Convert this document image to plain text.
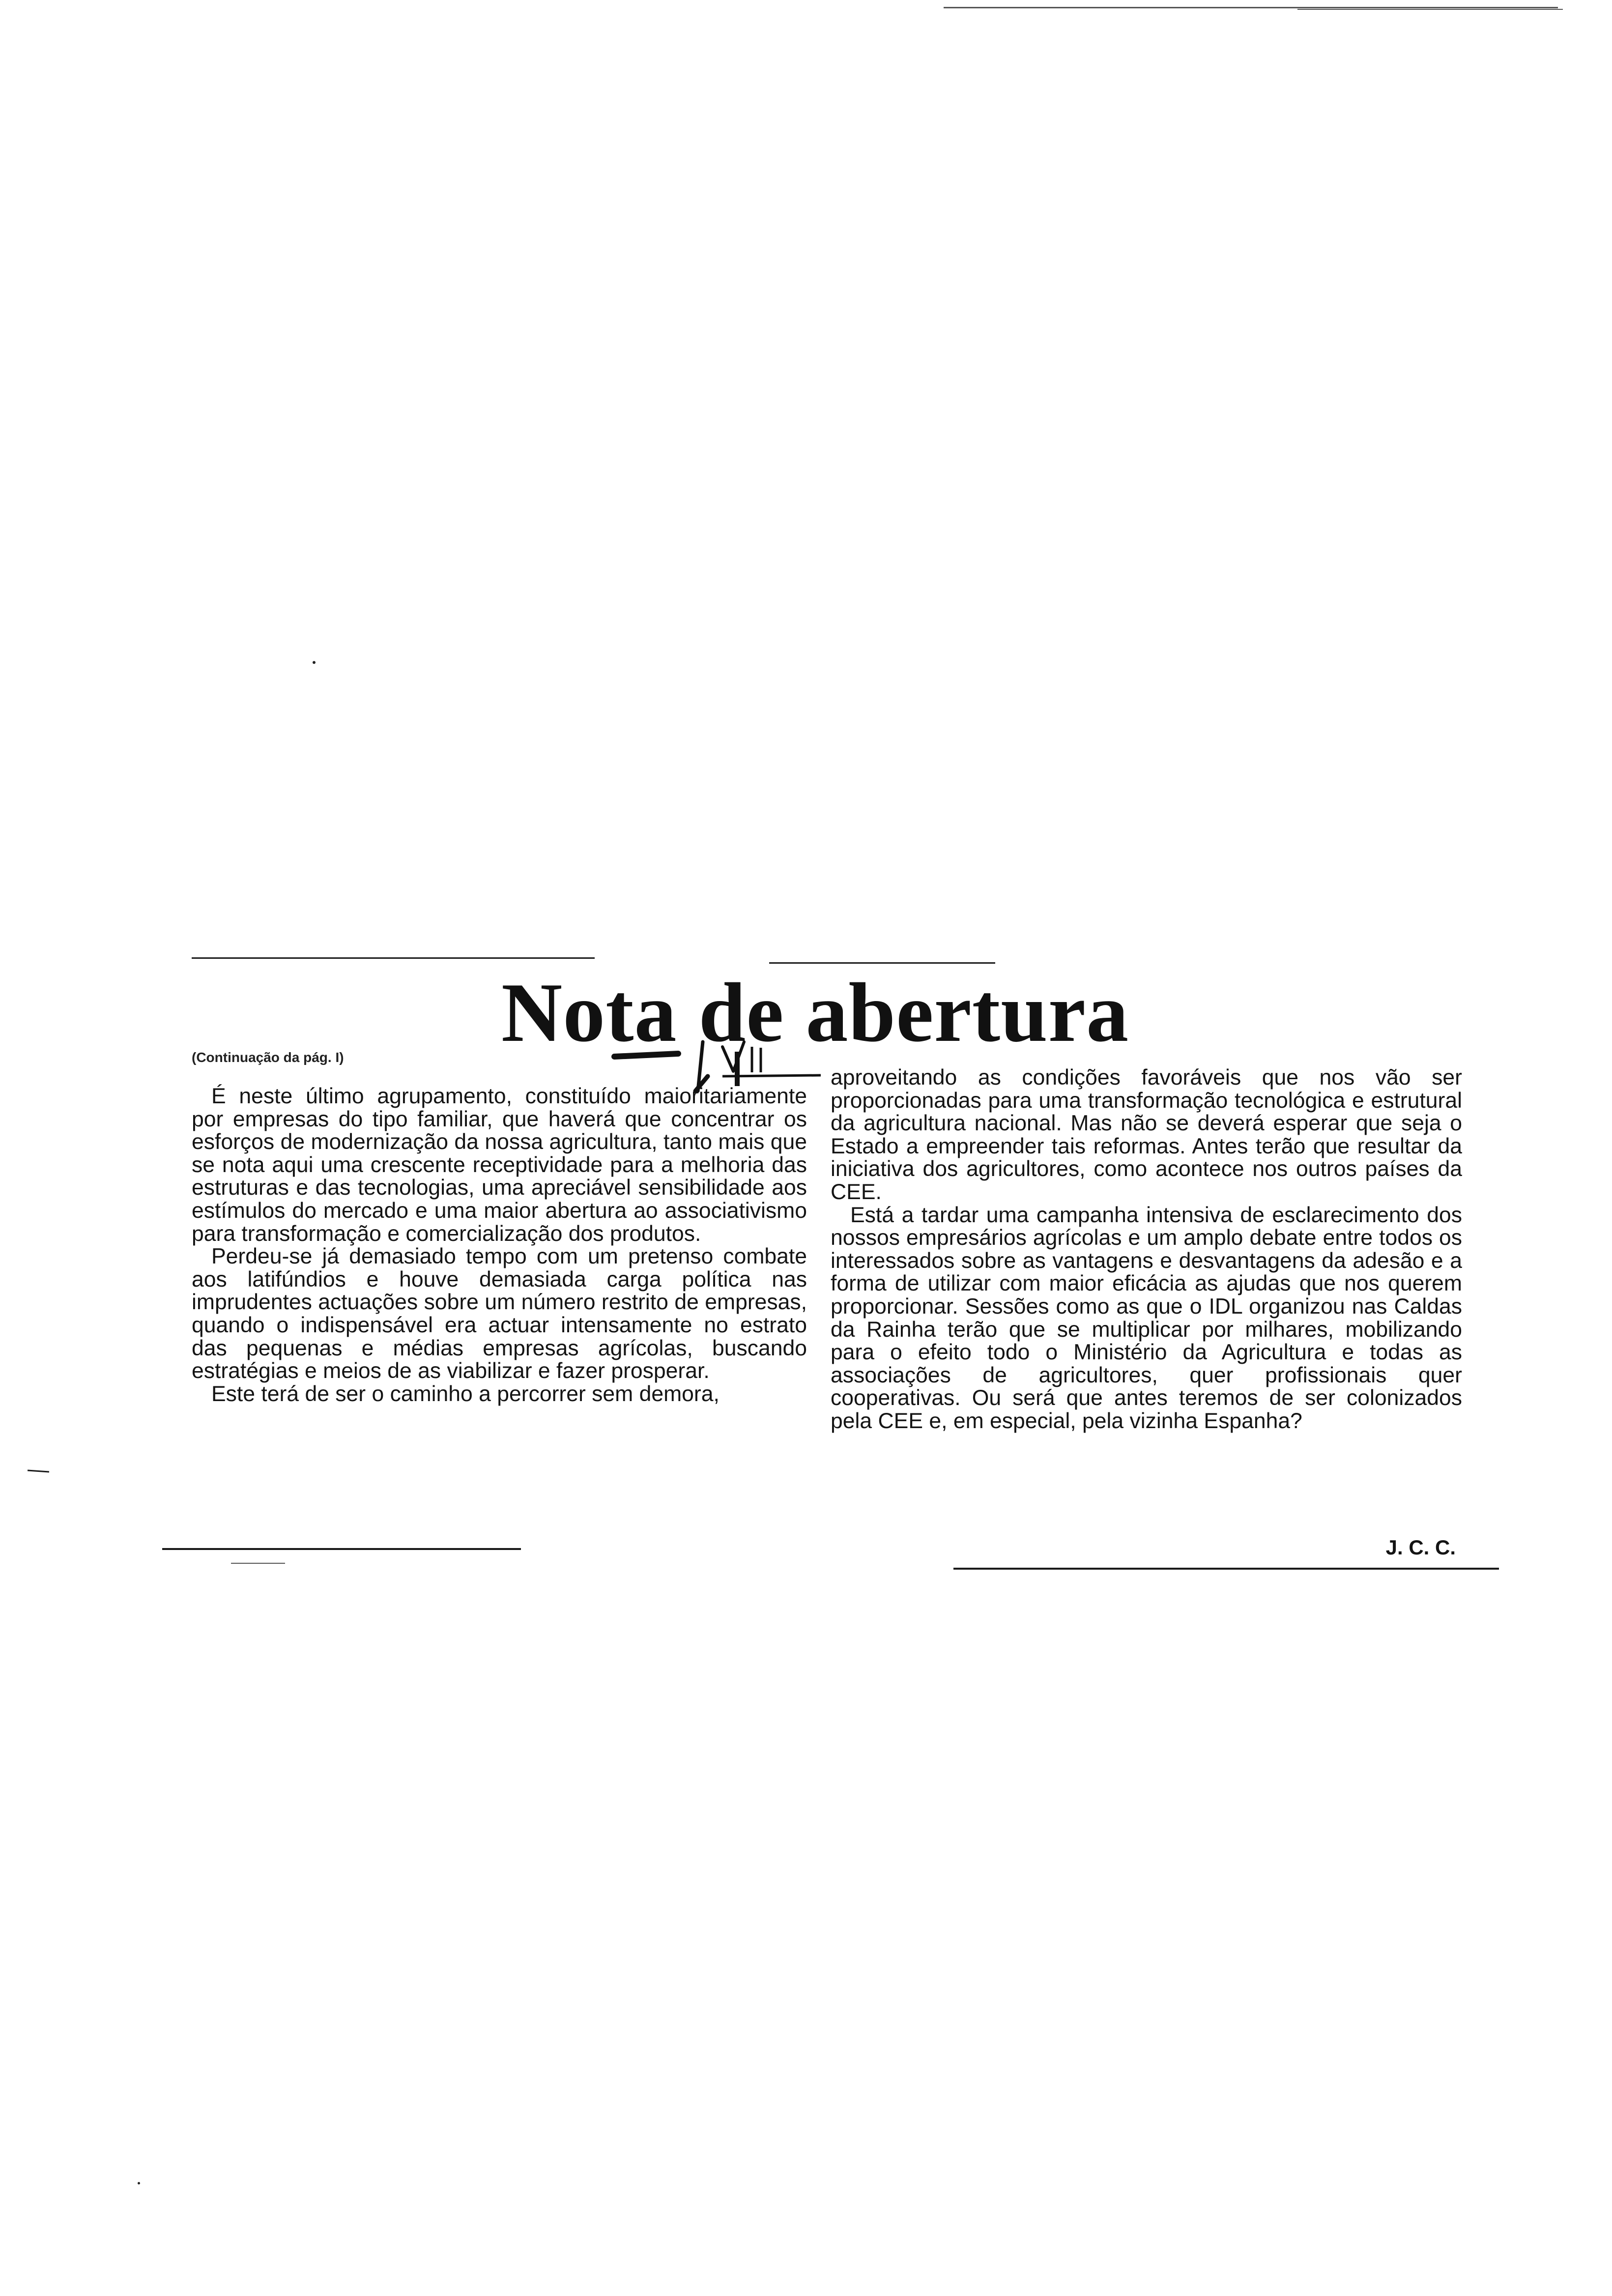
Nota de abertura
(Continuação da pág. I)

É neste último agrupamento, constituído maioritariamente por empresas do tipo familiar, que haverá que concentrar os esforços de modernização da nossa agricultura, tanto mais que se nota aqui uma crescente receptividade para a melhoria das estruturas e das tecnologias, uma apreciável sensibilidade aos estímulos do mercado e uma maior abertura ao associativismo para transformação e comercialização dos produtos.

Perdeu-se já demasiado tempo com um pretenso combate aos latifúndios e houve demasiada carga política nas imprudentes actuações sobre um número restrito de empresas, quando o indispensável era actuar intensamente no estrato das pequenas e médias empresas agrícolas, buscando estratégias e meios de as viabilizar e fazer prosperar.

Este terá de ser o caminho a percorrer sem demora,

aproveitando as condições favoráveis que nos vão ser proporcionadas para uma transformação tecnológica e estrutural da agricultura nacional. Mas não se deverá esperar que seja o Estado a empreender tais reformas. Antes terão que resultar da iniciativa dos agricultores, como acontece nos outros países da CEE.

Está a tardar uma campanha intensiva de esclarecimento dos nossos empresários agrícolas e um amplo debate entre todos os interessados sobre as vantagens e desvantagens da adesão e a forma de utilizar com maior eficácia as ajudas que nos querem proporcionar. Sessões como as que o IDL organizou nas Caldas da Rainha terão que se multiplicar por milhares, mobilizando para o efeito todo o Ministério da Agricultura e todas as associações de agricultores, quer profissionais quer cooperativas. Ou será que antes teremos de ser colonizados pela CEE e, em especial, pela vizinha Espanha?

J. C. C.
